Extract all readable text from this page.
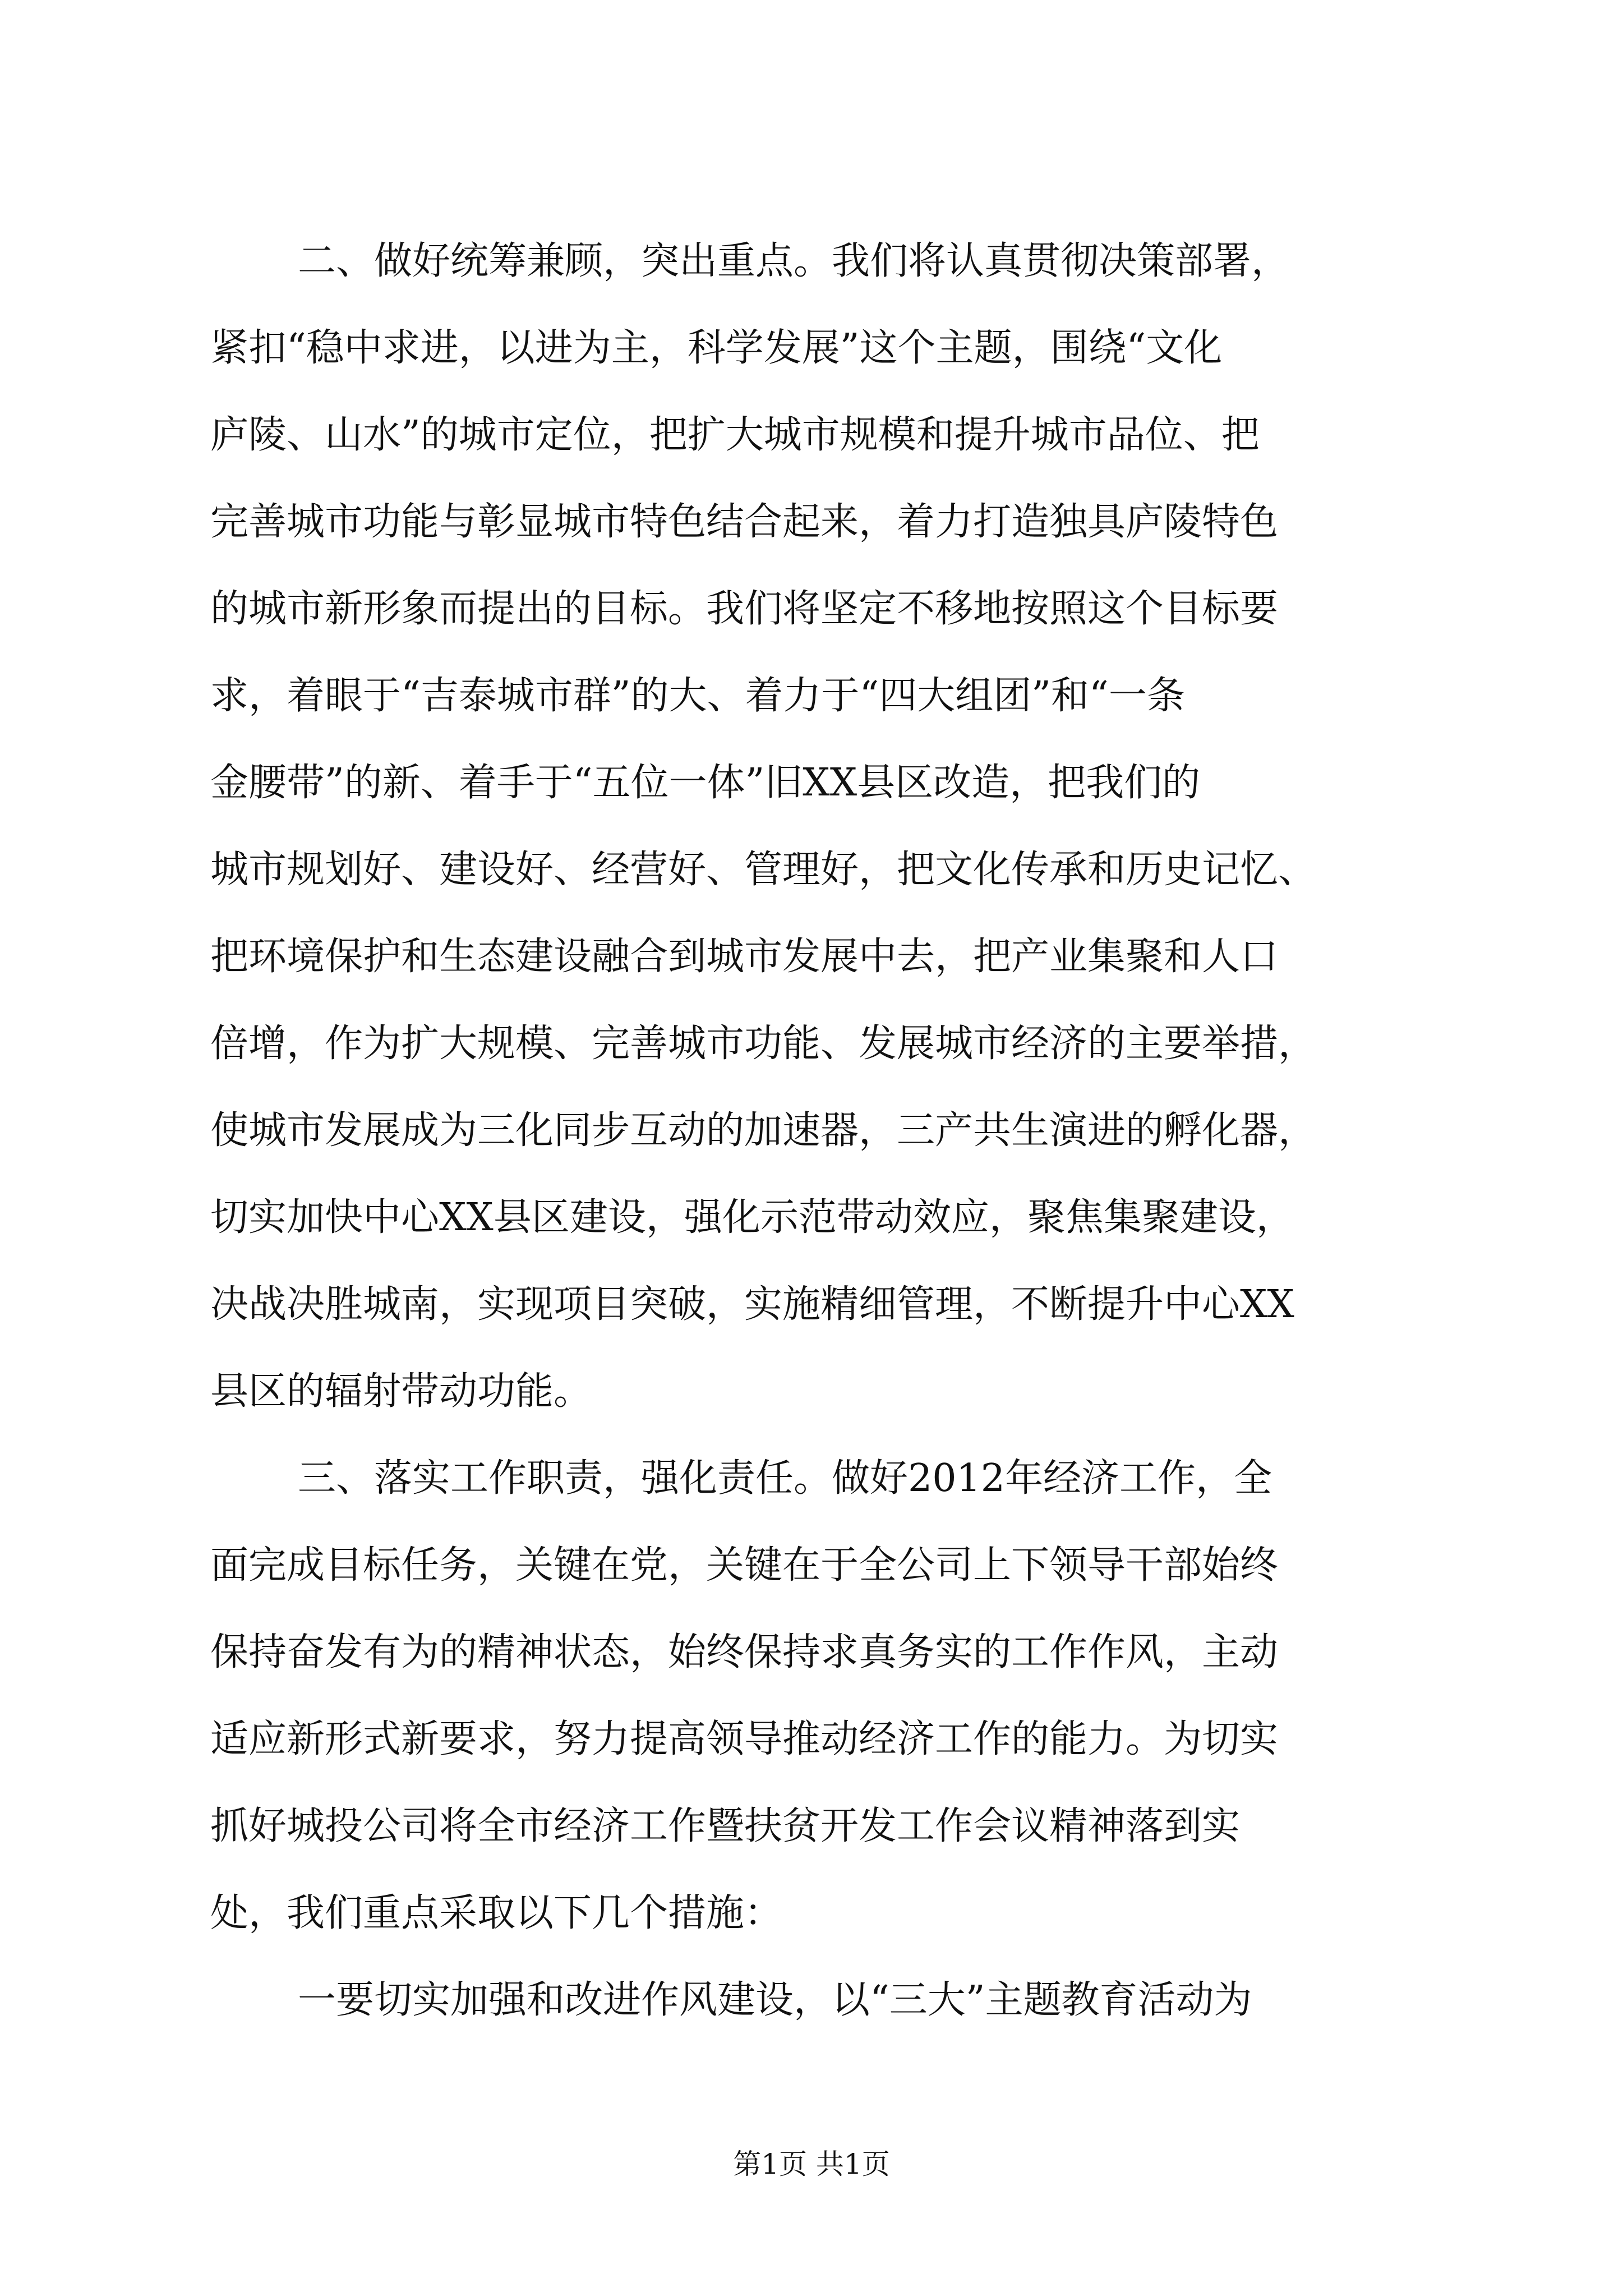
二、做好统筹兼顾，突出重点。我们将认真贯彻决策部署，
紧扣“稳中求进，以进为主，科学发展”这个主题，围绕“文化
庐陵、山水”的城市定位，把扩大城市规模和提升城市品位、把
完善城市功能与彰显城市特色结合起来，着力打造独具庐陵特色
的城市新形象而提出的目标。我们将坚定不移地按照这个目标要
求，着眼于“吉泰城市群”的大、着力于“四大组团”和“一条
金腰带”的新、着手于“五位一体”旧XX县区改造，把我们的
城市规划好、建设好、经营好、管理好，把文化传承和历史记忆、
把环境保护和生态建设融合到城市发展中去，把产业集聚和人口
倍增，作为扩大规模、完善城市功能、发展城市经济的主要举措，
使城市发展成为三化同步互动的加速器，三产共生演进的孵化器，
切实加快中心XX县区建设，强化示范带动效应，聚焦集聚建设，
决战决胜城南，实现项目突破，实施精细管理，不断提升中心XX
县区的辐射带动功能。
三、落实工作职责，强化责任。做好2012年经济工作，全
面完成目标任务，关键在党，关键在于全公司上下领导干部始终
保持奋发有为的精神状态，始终保持求真务实的工作作风，主动
适应新形式新要求，努力提高领导推动经济工作的能力。为切实
抓好城投公司将全市经济工作暨扶贫开发工作会议精神落到实
处，我们重点采取以下几个措施：
一要切实加强和改进作风建设，以“三大”主题教育活动为
第1页 共1页
